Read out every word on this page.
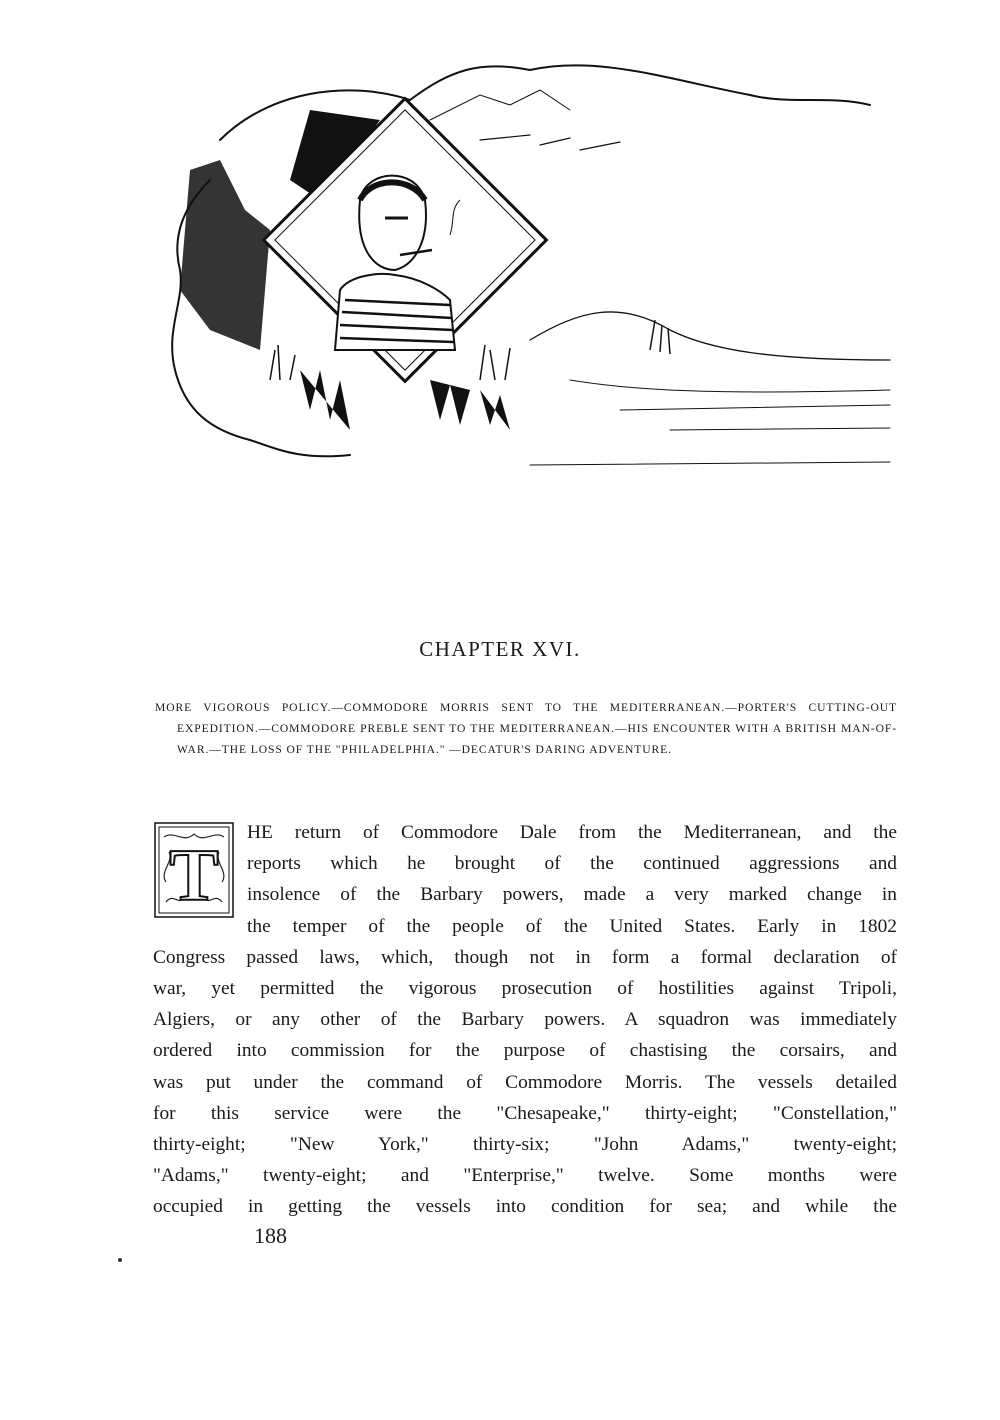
CHAPTER XVI.

MORE VIGOROUS POLICY.—COMMODORE MORRIS SENT TO THE MEDITERRANEAN.—PORTER'S CUTTING-OUT EXPEDITION.—COMMODORE PREBLE SENT TO THE MEDITERRANEAN.—HIS ENCOUNTER WITH A BRITISH MAN-OF-WAR.—THE LOSS OF THE "PHILADELPHIA." —DECATUR'S DARING ADVENTURE.

T
HE return of Commodore Dale from the Mediterranean, and the
reports which he brought of the continued aggressions and
insolence of the Barbary powers, made a very marked change in
the temper of the people of the United States. Early in 1802
Congress passed laws, which, though not in form a formal declaration of
war, yet permitted the vigorous prosecution of hostilities against Tripoli,
Algiers, or any other of the Barbary powers. A squadron was immediately
ordered into commission for the purpose of chastising the corsairs, and
was put under the command of Commodore Morris. The vessels detailed
for this service were the "Chesapeake," thirty-eight; "Constellation,"
thirty-eight; "New York," thirty-six; "John Adams," twenty-eight;
"Adams," twenty-eight; and "Enterprise," twelve. Some months were
occupied in getting the vessels into condition for sea; and while the
188
